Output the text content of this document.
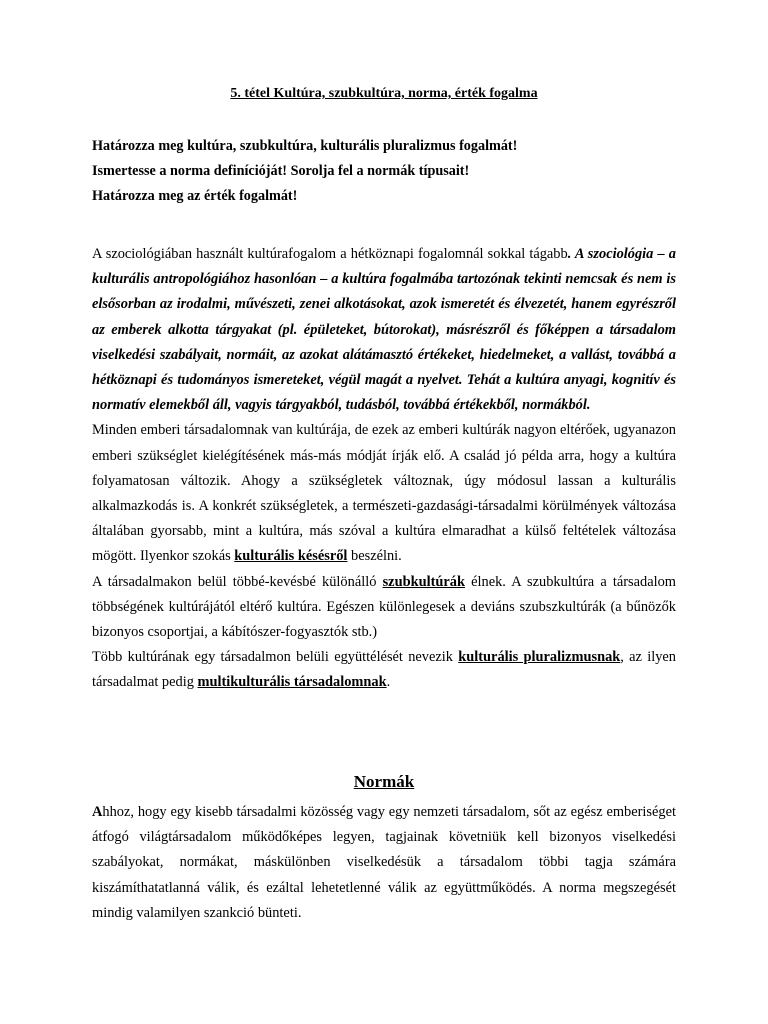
5. tétel Kultúra, szubkultúra, norma, érték fogalma

Határozza meg kultúra, szubkultúra, kulturális pluralizmus fogalmát!

Ismertesse a norma definícióját! Sorolja fel a normák típusait!

Határozza meg az érték fogalmát!

A szociológiában használt kultúrafogalom a hétköznapi fogalomnál sokkal tágabb. A szociológia – a kulturális antropológiához hasonlóan – a kultúra fogalmába tartozónak tekinti nemcsak és nem is elsősorban az irodalmi, művészeti, zenei alkotásokat, azok ismeretét és élvezetét, hanem egyrészről az emberek alkotta tárgyakat (pl. épületeket, bútorokat), másrészről és főképpen a társadalom viselkedési szabályait, normáit, az azokat alátámasztó értékeket, hiedelmeket, a vallást, továbbá a hétköznapi és tudományos ismereteket, végül magát a nyelvet. Tehát a kultúra anyagi, kognitív és normatív elemekből áll, vagyis tárgyakból, tudásból, továbbá értékekből, normákból.

Minden emberi társadalomnak van kultúrája, de ezek az emberi kultúrák nagyon eltérőek, ugyanazon emberi szükséglet kielégítésének más-más módját írják elő. A család jó példa arra, hogy a kultúra folyamatosan változik. Ahogy a szükségletek változnak, úgy módosul lassan a kulturális alkalmazkodás is. A konkrét szükségletek, a természeti-gazdasági-társadalmi körülmények változása általában gyorsabb, mint a kultúra, más szóval a kultúra elmaradhat a külső feltételek változása mögött. Ilyenkor szokás kulturális késésről beszélni.

A társadalmakon belül többé-kevésbé különálló szubkultúrák élnek. A szubkultúra a társadalom többségének kultúrájától eltérő kultúra. Egészen különlegesek a deviáns szubszkultúrák (a bűnözők bizonyos csoportjai, a kábítószer-fogyasztók stb.)

Több kultúrának egy társadalmon belüli együttélését nevezik kulturális pluralizmusnak, az ilyen társadalmat pedig multikulturális társadalomnak.

Normák

Ahhoz, hogy egy kisebb társadalmi közösség vagy egy nemzeti társadalom, sőt az egész emberiséget átfogó világtársadalom működőképes legyen, tagjainak követniük kell bizonyos viselkedési szabályokat, normákat, máskülönben viselkedésük a társadalom többi tagja számára kiszámíthatatlanná válik, és ezáltal lehetetlenné válik az együttműködés. A norma megszegését mindig valamilyen szankció bünteti.
